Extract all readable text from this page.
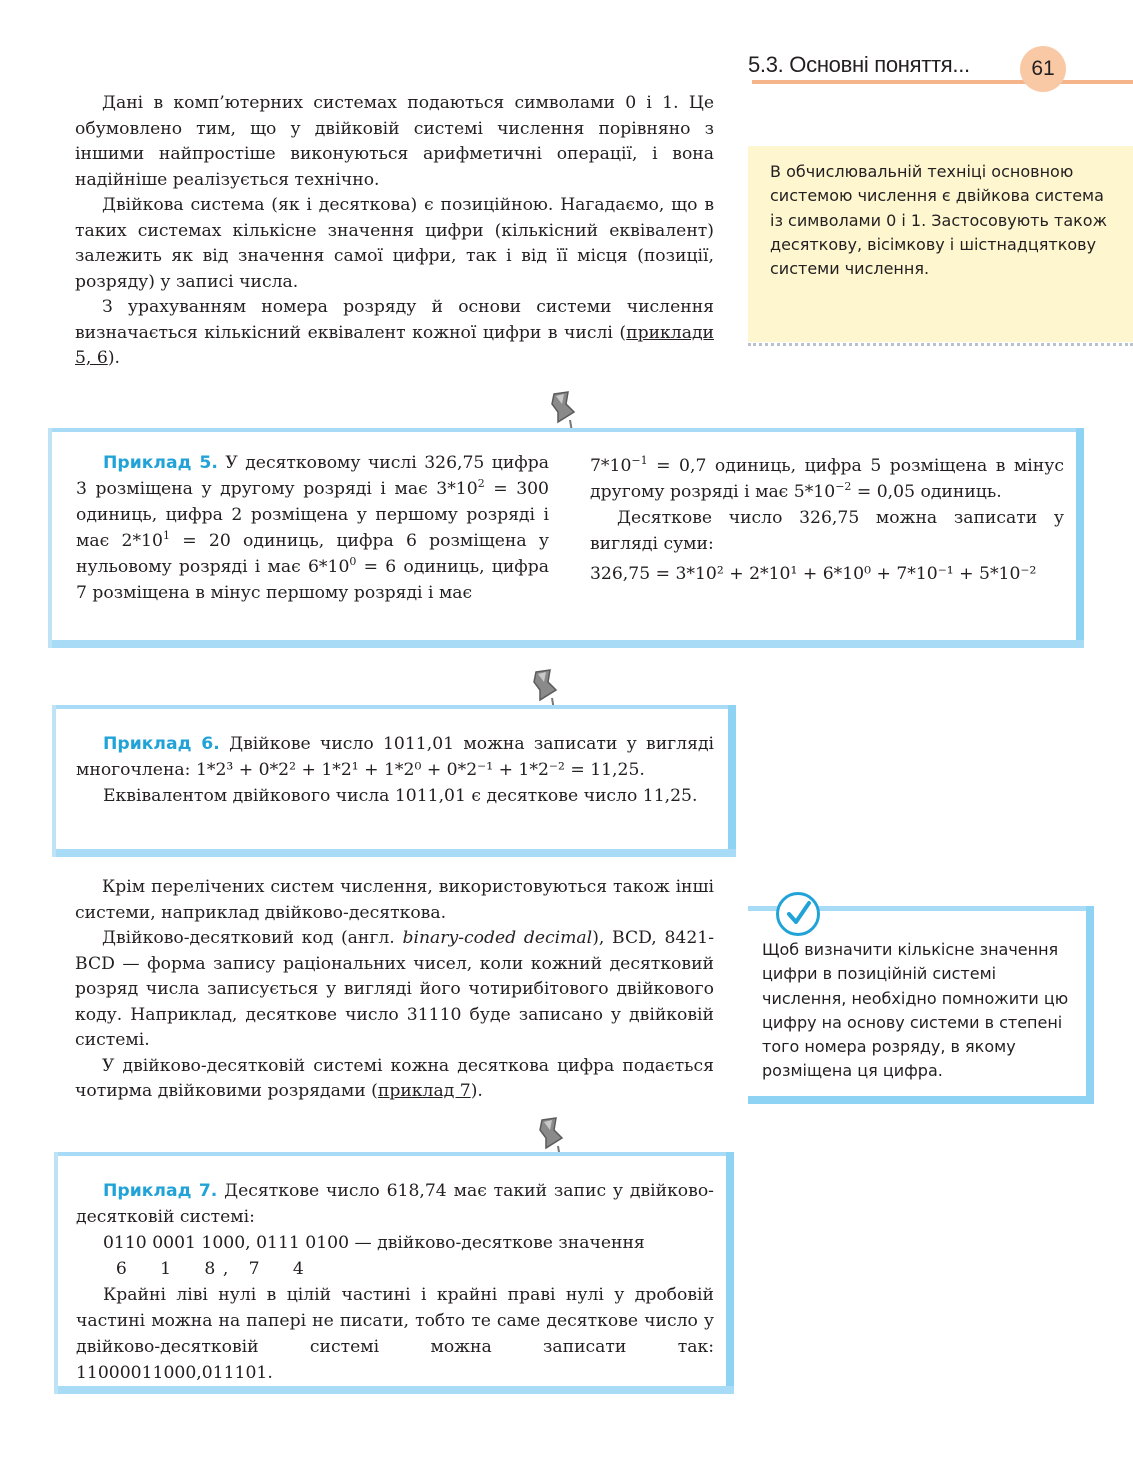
5.3. Основні поняття...	61

Дані в комп’ютерних системах подаються символами 0 і 1. Це обумовлено тим, що у двійковій системі числення порівняно з іншими найпростіше виконуються арифметичні операції, і вона надійніше реалізується технічно.

Двійкова система (як і десяткова) є позиційною. Нагадаємо, що в таких системах кількісне значення цифри (кількісний еквівалент) залежить як від значення самої цифри, так і від її місця (позиції, розряду) у записі числа.

З урахуванням номера розряду й основи системи числення визначається кількісний еквівалент кожної цифри в числі (приклади 5, 6).

В обчислювальній техніці основною системою числення є двійкова система із символами 0 і 1. Застосовують також десяткову, вісімкову і шістнадцяткову системи числення.

Приклад 5. У десятковому числі 326,75 цифра 3 розміщена у другому розряді і має $3*10^2 = 300$ одиниць, цифра 2 розміщена у першому розряді і має $2*10^1 = 20$ одиниць, цифра 6 розміщена у нульовому розряді і має $6*10^0 = 6$ одиниць, цифра 7 розміщена в мінус першому розряді і має

$7*10^{-1} = 0,7$ одиниць, цифра 5 розміщена в мінус другому розряді і має $5*10^{-2} = 0,05$ одиниць.

Десяткове число 326,75 можна записати у вигляді суми:

326,75 = 3*10² + 2*10¹ + 6*10⁰ + 7*10⁻¹ + 5*10⁻²

Приклад 6. Двійкове число 1011,01 можна записати у вигляді многочлена: 1*2³ + 0*2² + 1*2¹ + 1*2⁰ + 0*2⁻¹ + 1*2⁻² = 11,25.

Еквівалентом двійкового числа 1011,01 є десяткове число 11,25.

Крім перелічених систем числення, використовуються також інші системи, наприклад двійково-десяткова.

Двійково-десятковий код (англ. binary-coded decimal), BCD, 8421-BCD — форма запису раціональних чисел, коли кожний десятковий розряд числа записується у вигляді його чотирибітового двійкового коду. Наприклад, десяткове число 31110 буде записано у двійковій системі.

У двійково-десятковій системі кожна десяткова цифра подається чотирма двійковими розрядами (приклад 7).

Щоб визначити кількісне значення цифри в позиційній системі числення, необхідно помножити цю цифру на основу системи в степені того номера розряду, в якому розміщена ця цифра.

Приклад 7. Десяткове число 618,74 має такий запис у двійково-десятковій системі:

0110 0001 1000, 0111 0100 — двійково-десяткове значення

6     1     8 ,   7     4

Крайні ліві нулі в цілій частині і крайні праві нулі у дробовій частині можна на папері не писати, тобто те саме десяткове число у двійково-десятковій системі можна записати так: 11000011000,011101.
